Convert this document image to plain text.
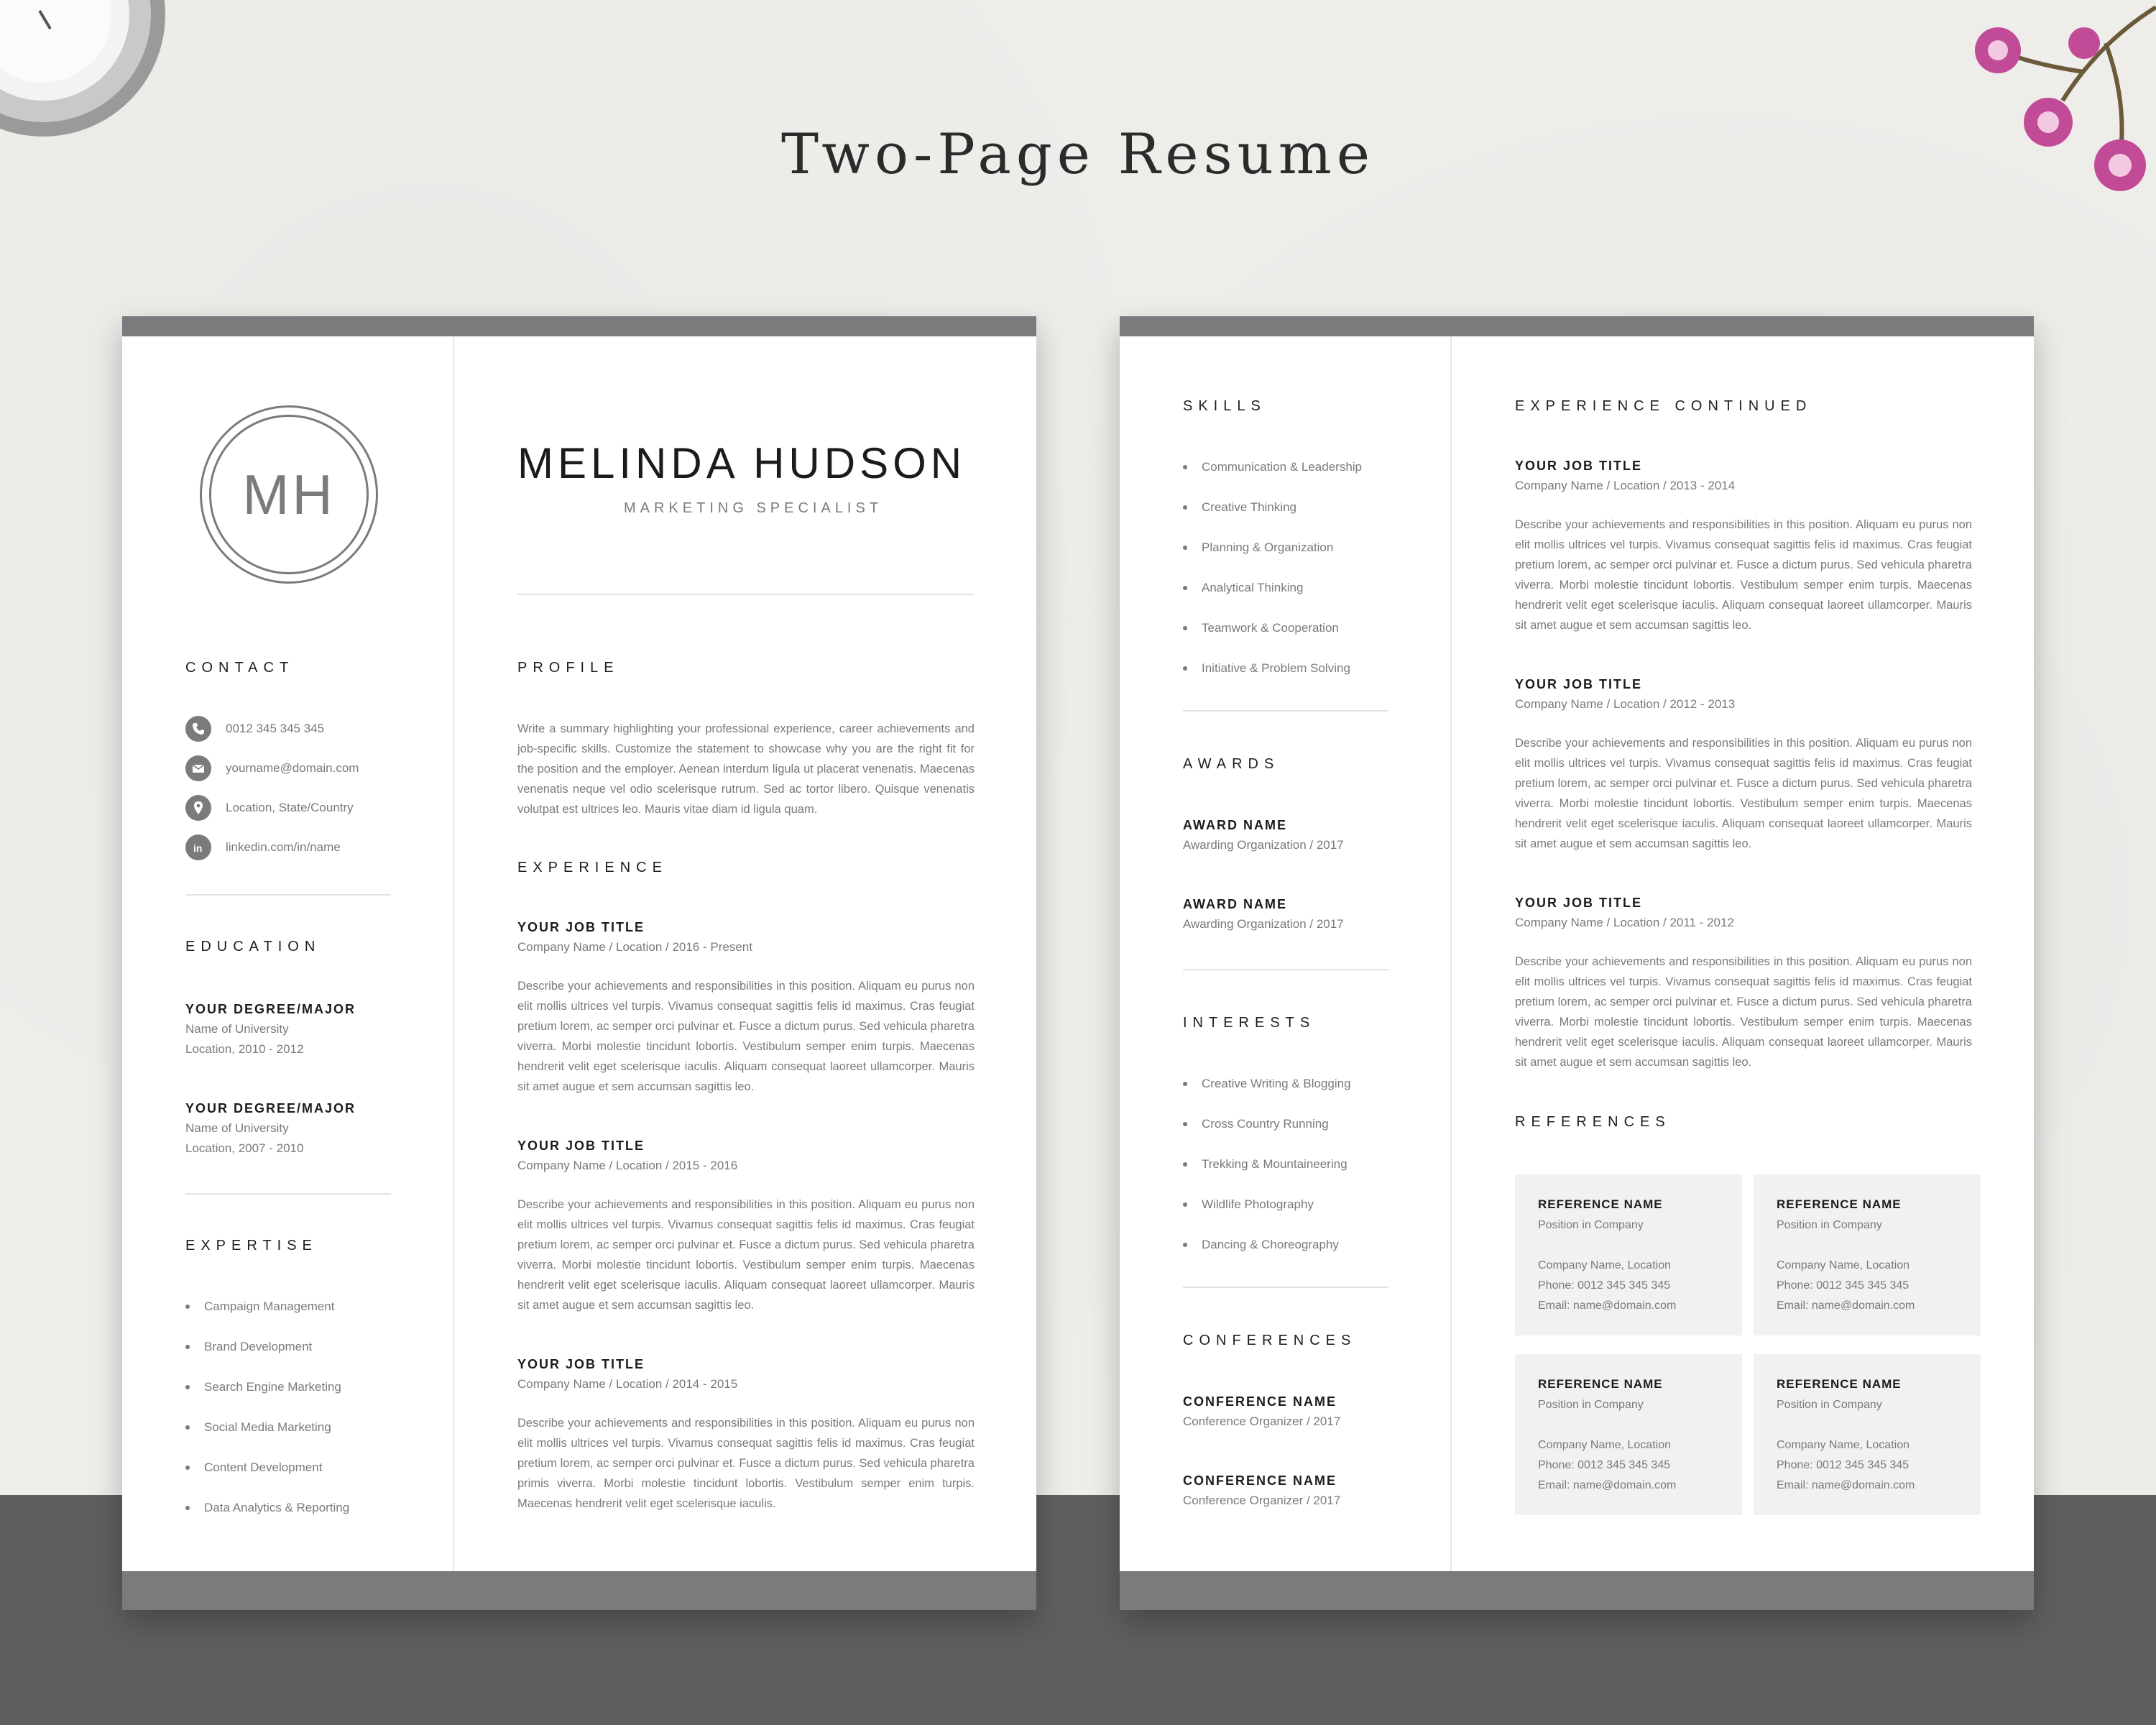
Two-Page Resume
MH	MELINDA HUDSON
MARKETING SPECIALIST
CONTACT
0012 345 345 345
yourname@domain.com
Location, State/Country
in linkedin.com/in/name
EDUCATION
YOUR DEGREE/MAJOR
Name of University
Location, 2010 - 2012
YOUR DEGREE/MAJOR
Name of University
Location, 2007 - 2010
EXPERTISE
Campaign Management
Brand Development
Search Engine Marketing
Social Media Marketing
Content Development
Data Analytics & Reporting
PROFILE
Write a summary highlighting your professional experience, career achievements and job-specific skills. Customize the statement to showcase why you are the right fit for the position and the employer. Aenean interdum ligula ut placerat venenatis. Maecenas venenatis neque vel odio scelerisque rutrum. Sed ac tortor libero. Quisque venenatis volutpat est ultrices leo. Mauris vitae diam id ligula quam.
EXPERIENCE
YOUR JOB TITLE
Company Name / Location / 2016 - Present
Describe your achievements and responsibilities in this position. Aliquam eu purus non elit mollis ultrices vel turpis. Vivamus consequat sagittis felis id maximus. Cras feugiat pretium lorem, ac semper orci pulvinar et. Fusce a dictum purus. Sed vehicula pharetra viverra. Morbi molestie tincidunt lobortis. Vestibulum semper enim turpis. Maecenas hendrerit velit eget scelerisque iaculis. Aliquam consequat laoreet ullamcorper. Mauris sit amet augue et sem accumsan sagittis leo.
YOUR JOB TITLE
Company Name / Location / 2015 - 2016
Describe your achievements and responsibilities in this position. Aliquam eu purus non elit mollis ultrices vel turpis. Vivamus consequat sagittis felis id maximus. Cras feugiat pretium lorem, ac semper orci pulvinar et. Fusce a dictum purus. Sed vehicula pharetra viverra. Morbi molestie tincidunt lobortis. Vestibulum semper enim turpis. Maecenas hendrerit velit eget scelerisque iaculis. Aliquam consequat laoreet ullamcorper. Mauris sit amet augue et sem accumsan sagittis leo.
YOUR JOB TITLE
Company Name / Location / 2014 - 2015
Describe your achievements and responsibilities in this position. Aliquam eu purus non elit mollis ultrices vel turpis. Vivamus consequat sagittis felis id maximus. Cras feugiat pretium lorem, ac semper orci pulvinar et. Fusce a dictum purus. Sed vehicula pharetra primis viverra. Morbi molestie tincidunt lobortis. Vestibulum semper enim turpis. Maecenas hendrerit velit eget scelerisque iaculis.
SKILLS
Communication & Leadership
Creative Thinking
Planning & Organization
Analytical Thinking
Teamwork & Cooperation
Initiative & Problem Solving
AWARDS
AWARD NAME
Awarding Organization / 2017
AWARD NAME
Awarding Organization / 2017
INTERESTS
Creative Writing & Blogging
Cross Country Running
Trekking & Mountaineering
Wildlife Photography
Dancing & Choreography
CONFERENCES
CONFERENCE NAME
Conference Organizer / 2017
CONFERENCE NAME
Conference Organizer / 2017
EXPERIENCE CONTINUED
YOUR JOB TITLE
Company Name / Location / 2013 - 2014
Describe your achievements and responsibilities in this position. Aliquam eu purus non elit mollis ultrices vel turpis. Vivamus consequat sagittis felis id maximus. Cras feugiat pretium lorem, ac semper orci pulvinar et. Fusce a dictum purus. Sed vehicula pharetra viverra. Morbi molestie tincidunt lobortis. Vestibulum semper enim turpis. Maecenas hendrerit velit eget scelerisque iaculis. Aliquam consequat laoreet ullamcorper. Mauris sit amet augue et sem accumsan sagittis leo.
YOUR JOB TITLE
Company Name / Location / 2012 - 2013
Describe your achievements and responsibilities in this position. Aliquam eu purus non elit mollis ultrices vel turpis. Vivamus consequat sagittis felis id maximus. Cras feugiat pretium lorem, ac semper orci pulvinar et. Fusce a dictum purus. Sed vehicula pharetra viverra. Morbi molestie tincidunt lobortis. Vestibulum semper enim turpis. Maecenas hendrerit velit eget scelerisque iaculis. Aliquam consequat laoreet ullamcorper. Mauris sit amet augue et sem accumsan sagittis leo.
YOUR JOB TITLE
Company Name / Location / 2011 - 2012
Describe your achievements and responsibilities in this position. Aliquam eu purus non elit mollis ultrices vel turpis. Vivamus consequat sagittis felis id maximus. Cras feugiat pretium lorem, ac semper orci pulvinar et. Fusce a dictum purus. Sed vehicula pharetra viverra. Morbi molestie tincidunt lobortis. Vestibulum semper enim turpis. Maecenas hendrerit velit eget scelerisque iaculis. Aliquam consequat laoreet ullamcorper. Mauris sit amet augue et sem accumsan sagittis leo.
REFERENCES
REFERENCE NAME
Position in Company
Company Name, Location
Phone: 0012 345 345 345
Email: name@domain.com
REFERENCE NAME
Position in Company
Company Name, Location
Phone: 0012 345 345 345
Email: name@domain.com
REFERENCE NAME
Position in Company
Company Name, Location
Phone: 0012 345 345 345
Email: name@domain.com
REFERENCE NAME
Position in Company
Company Name, Location
Phone: 0012 345 345 345
Email: name@domain.com
